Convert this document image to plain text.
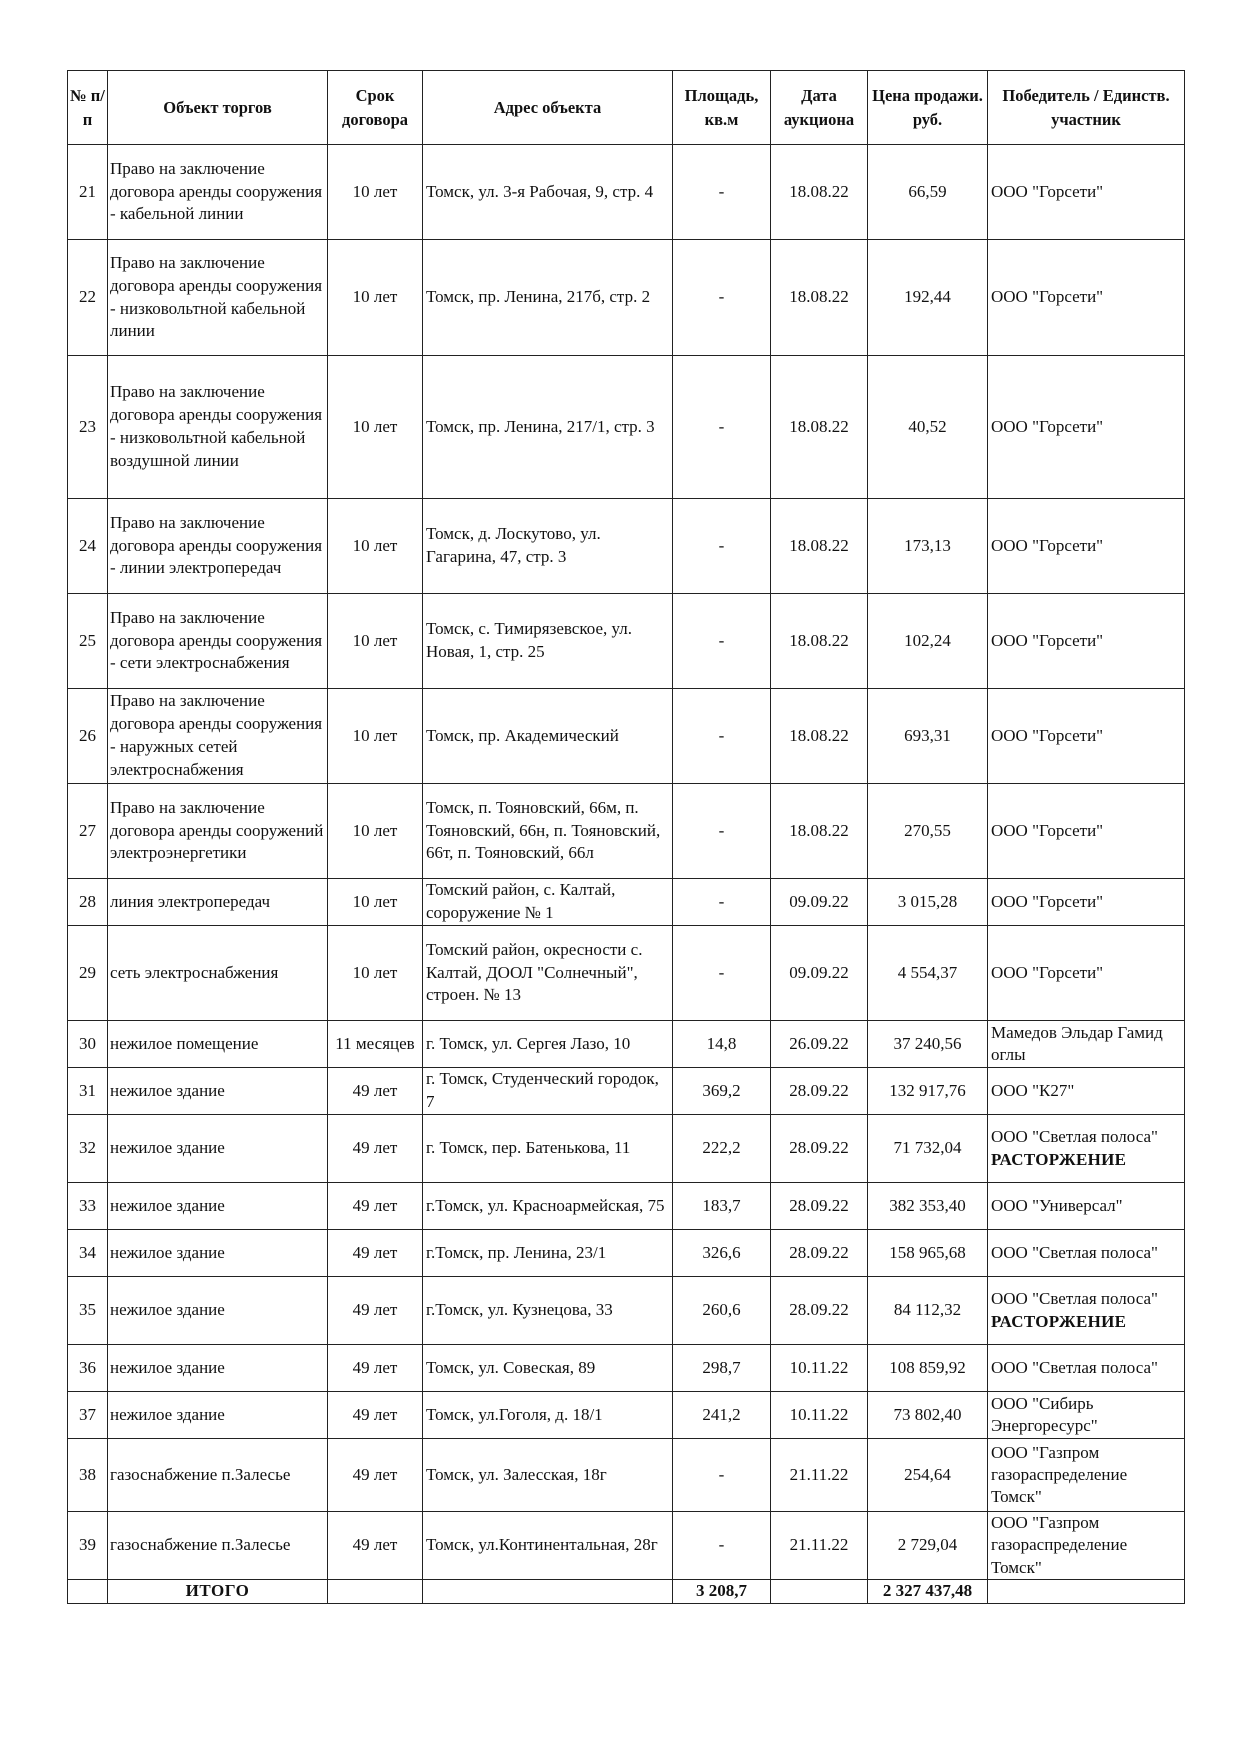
№ п/п	Объект торгов	Срок договора	Адрес объекта	Площадь, кв.м	Дата аукциона	Цена продажи. руб.	Победитель / Единств. участник
21	Право на заключение договора аренды сооружения - кабельной линии	10 лет	Томск, ул. 3-я Рабочая, 9, стр. 4	-	18.08.22	66,59	ООО "Горсети"
22	Право на заключение договора аренды сооружения - низковольтной кабельной линии	10 лет	Томск, пр. Ленина, 217б, стр. 2	-	18.08.22	192,44	ООО "Горсети"
23	Право на заключение договора аренды сооружения - низковольтной кабельной воздушной линии	10 лет	Томск, пр. Ленина, 217/1, стр. 3	-	18.08.22	40,52	ООО "Горсети"
24	Право на заключение договора аренды сооружения - линии электропередач	10 лет	Томск, д. Лоскутово, ул. Гагарина, 47, стр. 3	-	18.08.22	173,13	ООО "Горсети"
25	Право на заключение договора аренды сооружения - сети электроснабжения	10 лет	Томск, с. Тимирязевское, ул. Новая, 1, стр. 25	-	18.08.22	102,24	ООО "Горсети"
26	Право на заключение договора аренды сооружения - наружных сетей электроснабжения	10 лет	Томск, пр. Академический	-	18.08.22	693,31	ООО "Горсети"
27	Право на заключение договора аренды сооружений электроэнергетики	10 лет	Томск, п. Тояновский, 66м, п. Тояновский, 66н, п. Тояновский, 66т, п. Тояновский, 66л	-	18.08.22	270,55	ООО "Горсети"
28	линия электропередач	10 лет	Томский район, с. Калтай, сороружение № 1	-	09.09.22	3 015,28	ООО "Горсети"
29	сеть электроснабжения	10 лет	Томский район, окресности с. Калтай, ДООЛ "Солнечный", строен. № 13	-	09.09.22	4 554,37	ООО "Горсети"
30	нежилое помещение	11 месяцев	г. Томск, ул. Сергея Лазо, 10	14,8	26.09.22	37 240,56	Мамедов Эльдар Гамид оглы
31	нежилое здание	49 лет	г. Томск, Студенческий городок, 7	369,2	28.09.22	132 917,76	ООО "К27"
32	нежилое здание	49 лет	г. Томск, пер. Батенькова, 11	222,2	28.09.22	71 732,04	ООО "Светлая полоса"
РАСТОРЖЕНИЕ

33	нежилое здание	49 лет	г.Томск, ул. Красноармейская, 75	183,7	28.09.22	382 353,40	ООО "Универсал"
34	нежилое здание	49 лет	г.Томск, пр. Ленина, 23/1	326,6	28.09.22	158 965,68	ООО "Светлая полоса"
35	нежилое здание	49 лет	г.Томск, ул. Кузнецова, 33	260,6	28.09.22	84 112,32	ООО "Светлая полоса"
РАСТОРЖЕНИЕ

36	нежилое здание	49 лет	Томск, ул. Совеская, 89	298,7	10.11.22	108 859,92	ООО "Светлая полоса"
37	нежилое здание	49 лет	Томск, ул.Гоголя, д. 18/1	241,2	10.11.22	73 802,40	ООО "Сибирь Энергоресурс"
38	газоснабжение п.Залесье	49 лет	Томск, ул. Залесская, 18г	-	21.11.22	254,64	ООО "Газпром газораспределение Томск"
39	газоснабжение п.Залесье	49 лет	Томск, ул.Континентальная, 28г	-	21.11.22	2 729,04	ООО "Газпром газораспределение Томск"
	ИТОГО			3 208,7		2 327 437,48	
